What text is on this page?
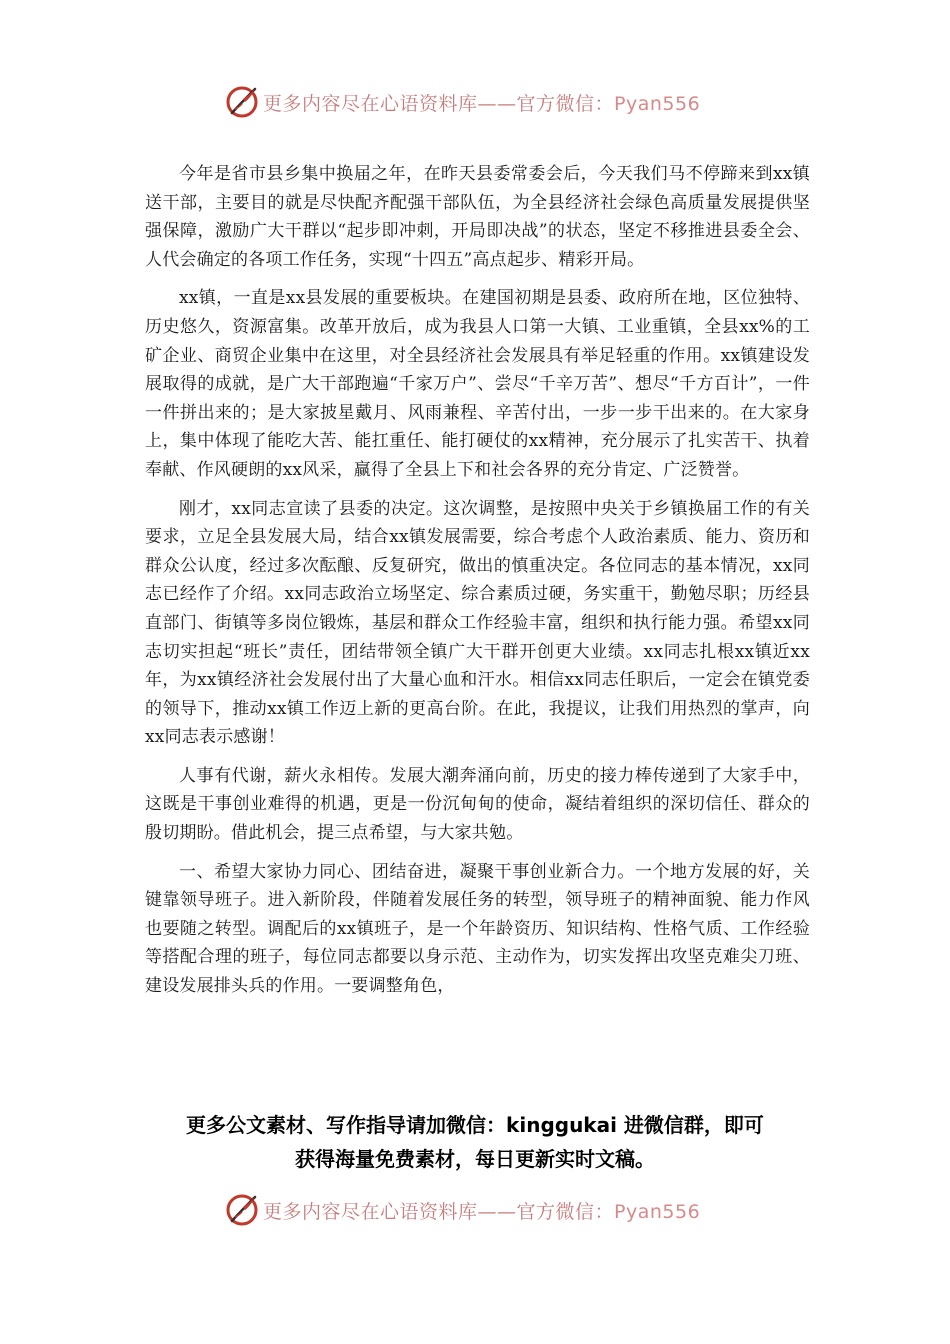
更多内容尽在心语资料库——官方微信：Pyan556

今年是省市县乡集中换届之年，在昨天县委常委会后，今天我们马不停蹄来到xx镇送干部，主要目的就是尽快配齐配强干部队伍，为全县经济社会绿色高质量发展提供坚强保障，激励广大干群以“起步即冲刺，开局即决战”的状态，坚定不移推进县委全会、人代会确定的各项工作任务，实现“十四五”高点起步、精彩开局。

xx镇，一直是xx县发展的重要板块。在建国初期是县委、政府所在地，区位独特、历史悠久，资源富集。改革开放后，成为我县人口第一大镇、工业重镇，全县xx%的工矿企业、商贸企业集中在这里，对全县经济社会发展具有举足轻重的作用。xx镇建设发展取得的成就，是广大干部跑遍“千家万户”、尝尽“千辛万苦”、想尽“千方百计”，一件一件拼出来的；是大家披星戴月、风雨兼程、辛苦付出，一步一步干出来的。在大家身上，集中体现了能吃大苦、能扛重任、能打硬仗的xx精神，充分展示了扎实苦干、执着奉献、作风硬朗的xx风采，赢得了全县上下和社会各界的充分肯定、广泛赞誉。

刚才，xx同志宣读了县委的决定。这次调整，是按照中央关于乡镇换届工作的有关要求，立足全县发展大局，结合xx镇发展需要，综合考虑个人政治素质、能力、资历和群众公认度，经过多次酝酿、反复研究，做出的慎重决定。各位同志的基本情况，xx同志已经作了介绍。xx同志政治立场坚定、综合素质过硬，务实重干，勤勉尽职；历经县直部门、街镇等多岗位锻炼，基层和群众工作经验丰富，组织和执行能力强。希望xx同志切实担起“班长”责任，团结带领全镇广大干群开创更大业绩。xx同志扎根xx镇近xx年，为xx镇经济社会发展付出了大量心血和汗水。相信xx同志任职后，一定会在镇党委的领导下，推动xx镇工作迈上新的更高台阶。在此，我提议，让我们用热烈的掌声，向xx同志表示感谢！

人事有代谢，薪火永相传。发展大潮奔涌向前，历史的接力棒传递到了大家手中，这既是干事创业难得的机遇，更是一份沉甸甸的使命，凝结着组织的深切信任、群众的殷切期盼。借此机会，提三点希望，与大家共勉。

一、希望大家协力同心、团结奋进，凝聚干事创业新合力。一个地方发展的好，关键靠领导班子。进入新阶段，伴随着发展任务的转型，领导班子的精神面貌、能力作风也要随之转型。调配后的xx镇班子，是一个年龄资历、知识结构、性格气质、工作经验等搭配合理的班子，每位同志都要以身示范、主动作为，切实发挥出攻坚克难尖刀班、建设发展排头兵的作用。一要调整角色，

更多公文素材、写作指导请加微信：kinggukai 进微信群，即可
获得海量免费素材，每日更新实时文稿。
更多内容尽在心语资料库——官方微信：Pyan556
